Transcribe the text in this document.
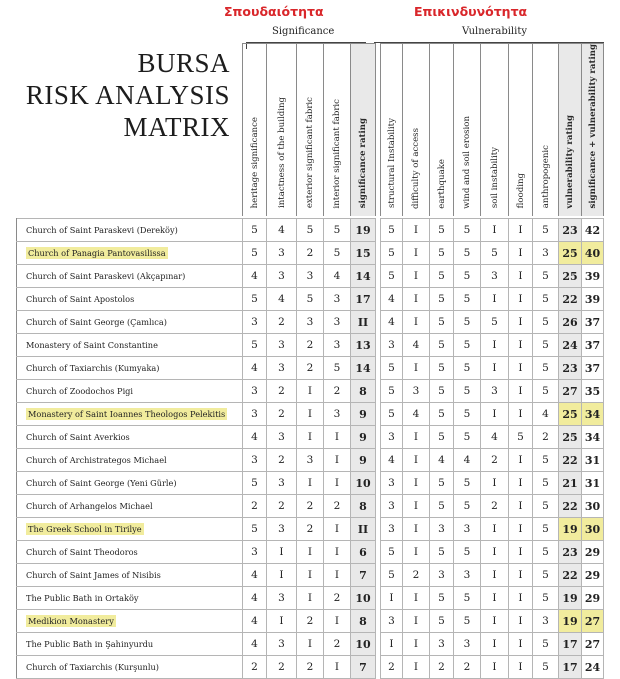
Σπουδαιότητα
Significance
Επικινδυνότητα
Vulnerability
BURSA
RISK ANALYSIS
MATRIX

	heritage significance	intactness of the building	exterior significant fabric	interior significant fabric	significance rating		structural Instability	difficulty of access	earthquake	wind and soil erosion	soil instability	flooding	anthropogenic	vulnerability rating	significance + vulnerability rating

Church of Saint Paraskevi (Dereköy)	5	4	5	5	19		5	I	5	5	I	I	5	23	42
Church of Panagia Pantovasilissa	5	3	2	5	15		5	I	5	5	5	I	3	25	40
Church of Saint Paraskevi (Akçapınar)	4	3	3	4	14		5	I	5	5	3	I	5	25	39
Church of Saint Apostolos	5	4	5	3	17		4	I	5	5	I	I	5	22	39
Church of Saint George (Çamlıca)	3	2	3	3	II		4	I	5	5	5	I	5	26	37
Monastery of Saint Constantine	5	3	2	3	13		3	4	5	5	I	I	5	24	37
Church of Taxiarchis (Kumyaka)	4	3	2	5	14		5	I	5	5	I	I	5	23	37
Church of Zoodochos Pigi	3	2	I	2	8		5	3	5	5	3	I	5	27	35
Monastery of Saint Ioannes Theologos Pelekitis	3	2	I	3	9		5	4	5	5	I	I	4	25	34
Church of Saint Averkios	4	3	I	I	9		3	I	5	5	4	5	2	25	34
Church of Archistrategos Michael	3	2	3	I	9		4	I	4	4	2	I	5	22	31
Church of Saint George (Yeni Gürle)	5	3	I	I	10		3	I	5	5	I	I	5	21	31
Church of Arhangelos Michael	2	2	2	2	8		3	I	5	5	2	I	5	22	30
The Greek School in Tirilye	5	3	2	I	II		3	I	3	3	I	I	5	19	30
Church of Saint Theodoros	3	I	I	I	6		5	I	5	5	I	I	5	23	29
Church of Saint James of Nisibis	4	I	I	I	7		5	2	3	3	I	I	5	22	29
The Public Bath in Ortaköy	4	3	I	2	10		I	I	5	5	I	I	5	19	29
Medikion Monastery	4	I	2	I	8		3	I	5	5	I	I	3	19	27
The Public Bath in Şahinyurdu	4	3	I	2	10		I	I	3	3	I	I	5	17	27
Church of Taxiarchis (Kurşunlu)	2	2	2	I	7		2	I	2	2	I	I	5	17	24
